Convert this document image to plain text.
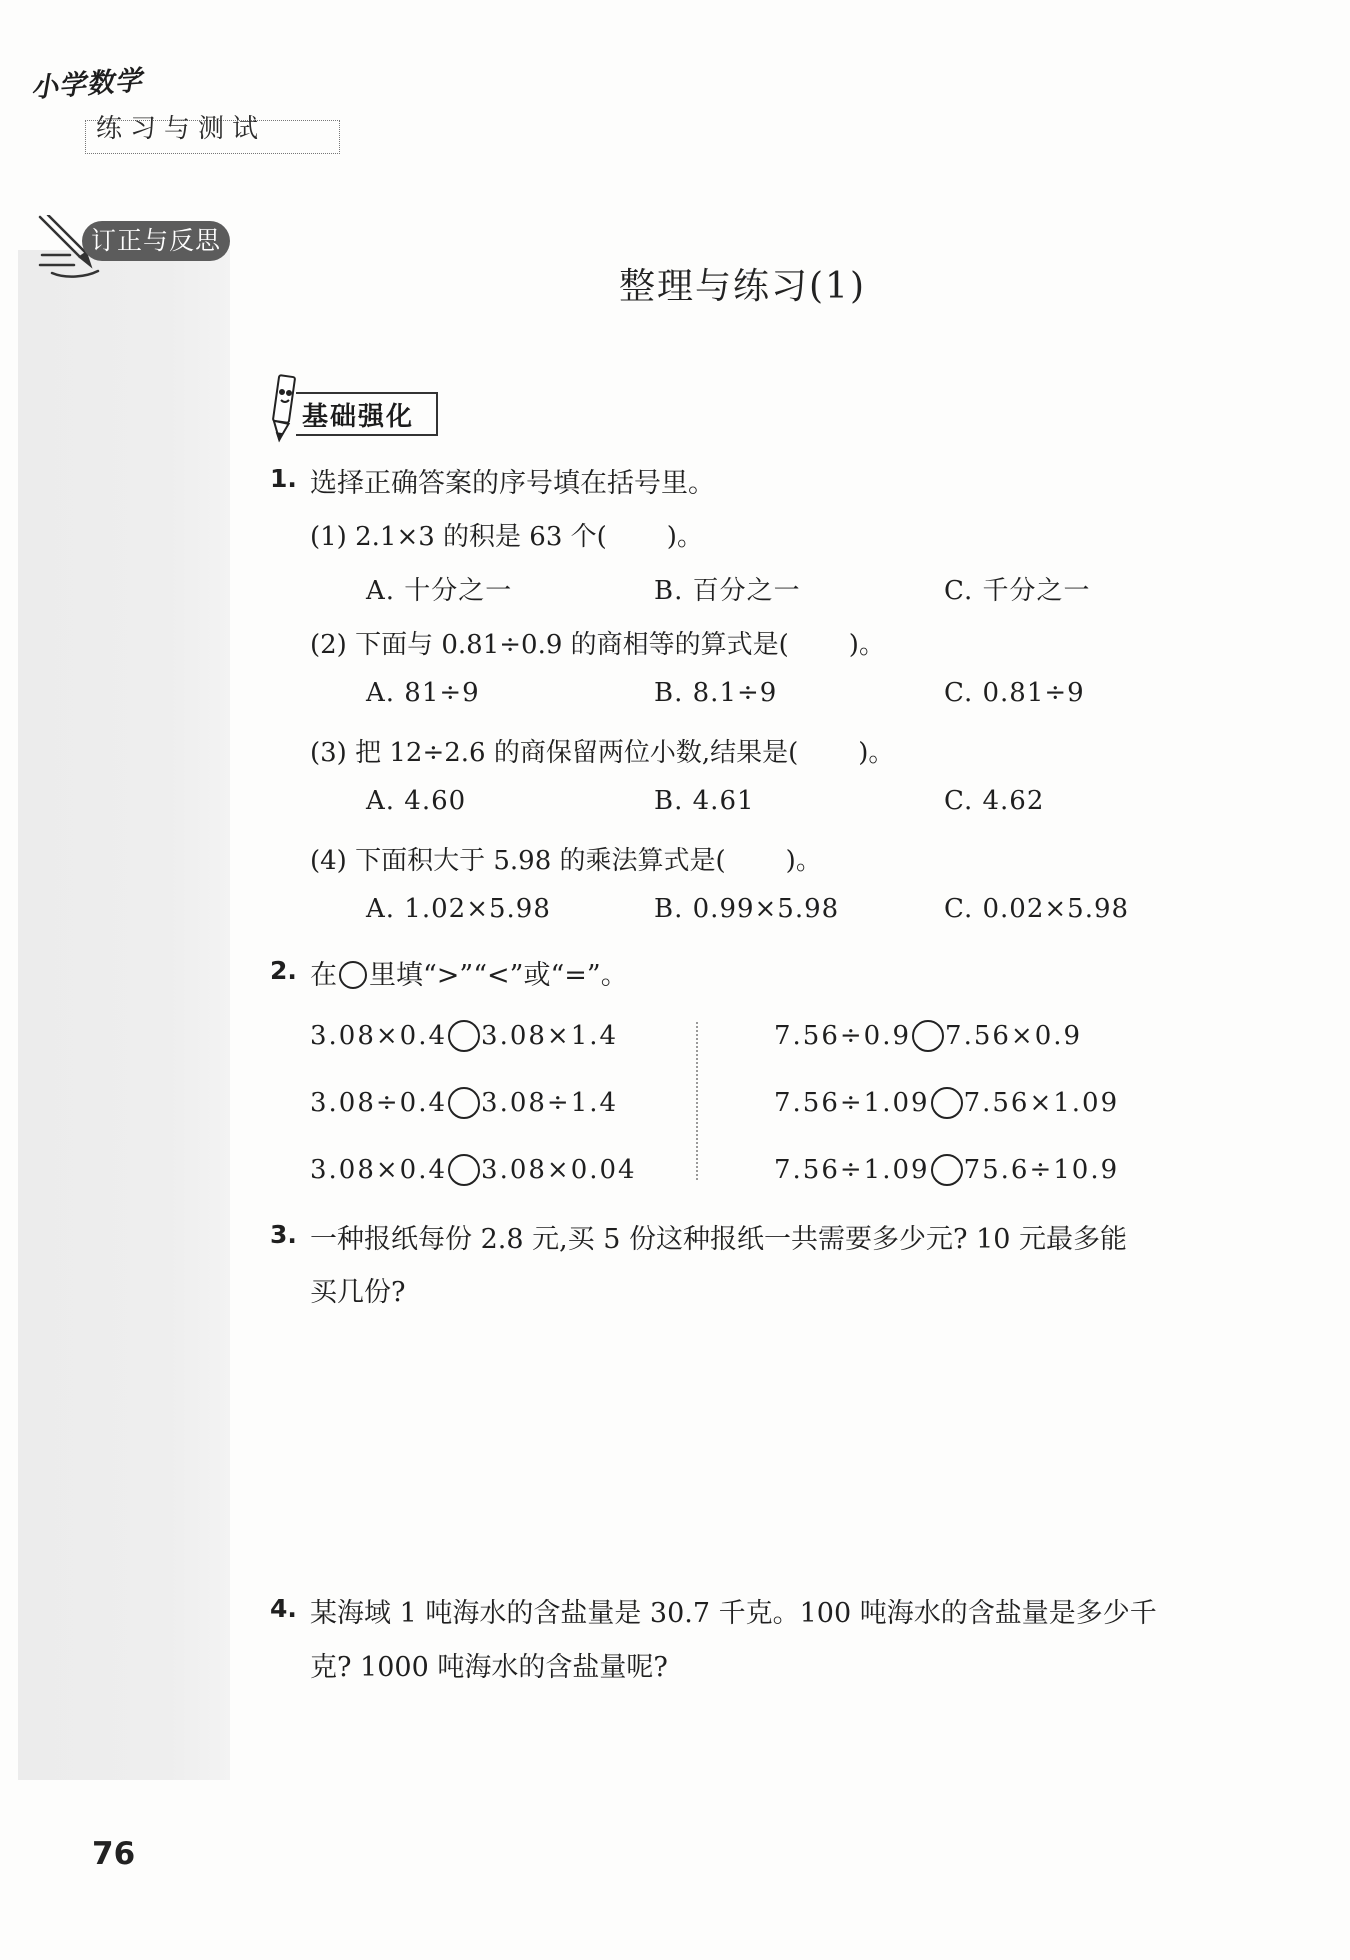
小学数学
练习与测试
订正与反思
整理与练习(1)
基础强化
1. 选择正确答案的序号填在括号里。
(1) 2.1×3 的积是 63 个( )。
A. 十分之一	B. 百分之一	C. 千分之一
(2) 下面与 0.81÷0.9 的商相等的算式是( )。
A. 81÷9	B. 8.1÷9	C. 0.81÷9
(3) 把 12÷2.6 的商保留两位小数,结果是( )。
A. 4.60	B. 4.61	C. 4.62
(4) 下面积大于 5.98 的乘法算式是( )。
A. 1.02×5.98	B. 0.99×5.98	C. 0.02×5.98
2. 在 里填“>”“<”或“=”。
3.08×0.4 3.08×1.4	7.56÷0.9 7.56×0.9
3.08÷0.4 3.08÷1.4	7.56÷1.09 7.56×1.09
3.08×0.4 3.08×0.04	7.56÷1.09 75.6÷10.9
3. 一种报纸每份 2.8 元,买 5 份这种报纸一共需要多少元? 10 元最多能
买几份?
4. 某海域 1 吨海水的含盐量是 30.7 千克。100 吨海水的含盐量是多少千
克? 1000 吨海水的含盐量呢?
76
